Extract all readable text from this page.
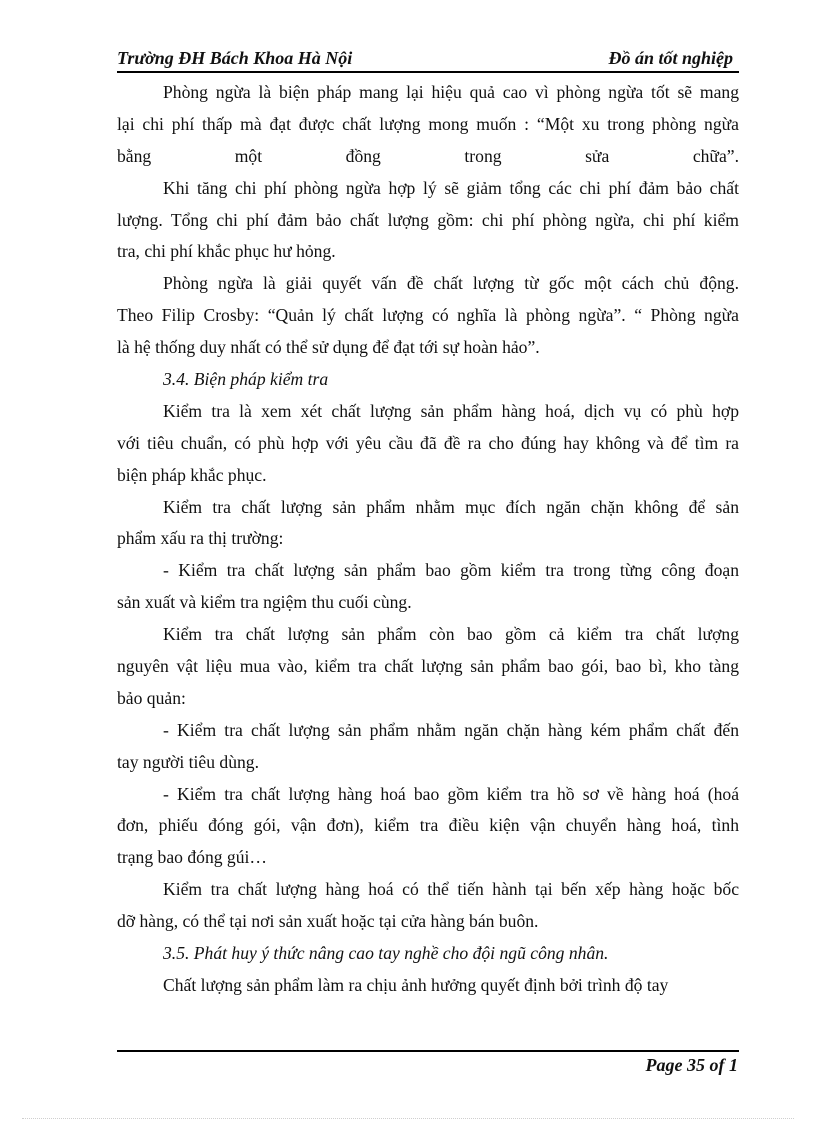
Trường ĐH Bách Khoa Hà Nội	Đồ án tốt nghiệp
Phòng ngừa là biện pháp mang lại hiệu quả cao vì phòng ngừa tốt sẽ mang
lại chi phí thấp mà đạt được chất lượng mong muốn : “Một xu trong phòng ngừa
bằng một đồng trong sửa chữa”.
Khi tăng chi phí phòng ngừa hợp lý sẽ giảm tổng các chi phí đảm bảo chất
lượng. Tổng chi phí đảm bảo chất lượng gồm: chi phí phòng ngừa, chi phí kiểm
tra, chi phí khắc phục hư hỏng.
Phòng ngừa là giải quyết vấn đề chất lượng từ gốc một cách chủ động.
Theo Filip Crosby: “Quản lý chất lượng có nghĩa là phòng ngừa”. “ Phòng ngừa
là hệ thống duy nhất có thể sử dụng để đạt tới sự hoàn hảo”.
3.4. Biện pháp kiểm tra
Kiểm tra là xem xét chất lượng sản phẩm hàng hoá, dịch vụ có phù hợp
với tiêu chuẩn, có phù hợp với yêu cầu đã đề ra cho đúng hay không và để tìm ra
biện pháp khắc phục.
Kiểm tra chất lượng sản phẩm nhằm mục đích ngăn chặn không để sản
phẩm xấu ra thị trường:
- Kiểm tra chất lượng sản phẩm bao gồm kiểm tra trong từng công đoạn
sản xuất và kiểm tra ngiệm thu cuối cùng.
Kiểm tra chất lượng sản phẩm còn bao gồm cả kiểm tra chất lượng
nguyên vật liệu mua vào, kiểm tra chất lượng sản phẩm bao gói, bao bì, kho tàng
bảo quản:
- Kiểm tra chất lượng sản phẩm nhằm ngăn chặn hàng kém phẩm chất đến
tay người tiêu dùng.
- Kiểm tra chất lượng hàng hoá bao gồm kiểm tra hồ sơ về hàng hoá (hoá
đơn, phiếu đóng gói, vận đơn), kiểm tra điều kiện vận chuyển hàng hoá, tình
trạng bao đóng gúi…
Kiểm tra chất lượng hàng hoá có thể tiến hành tại bến xếp hàng hoặc bốc
dỡ hàng, có thể tại nơi sản xuất hoặc tại cửa hàng bán buôn.
3.5. Phát huy ý thức nâng cao tay nghề cho đội ngũ công nhân.
Chất lượng sản phẩm làm ra chịu ảnh hưởng quyết định bởi trình độ tay
Page 35 of 1
